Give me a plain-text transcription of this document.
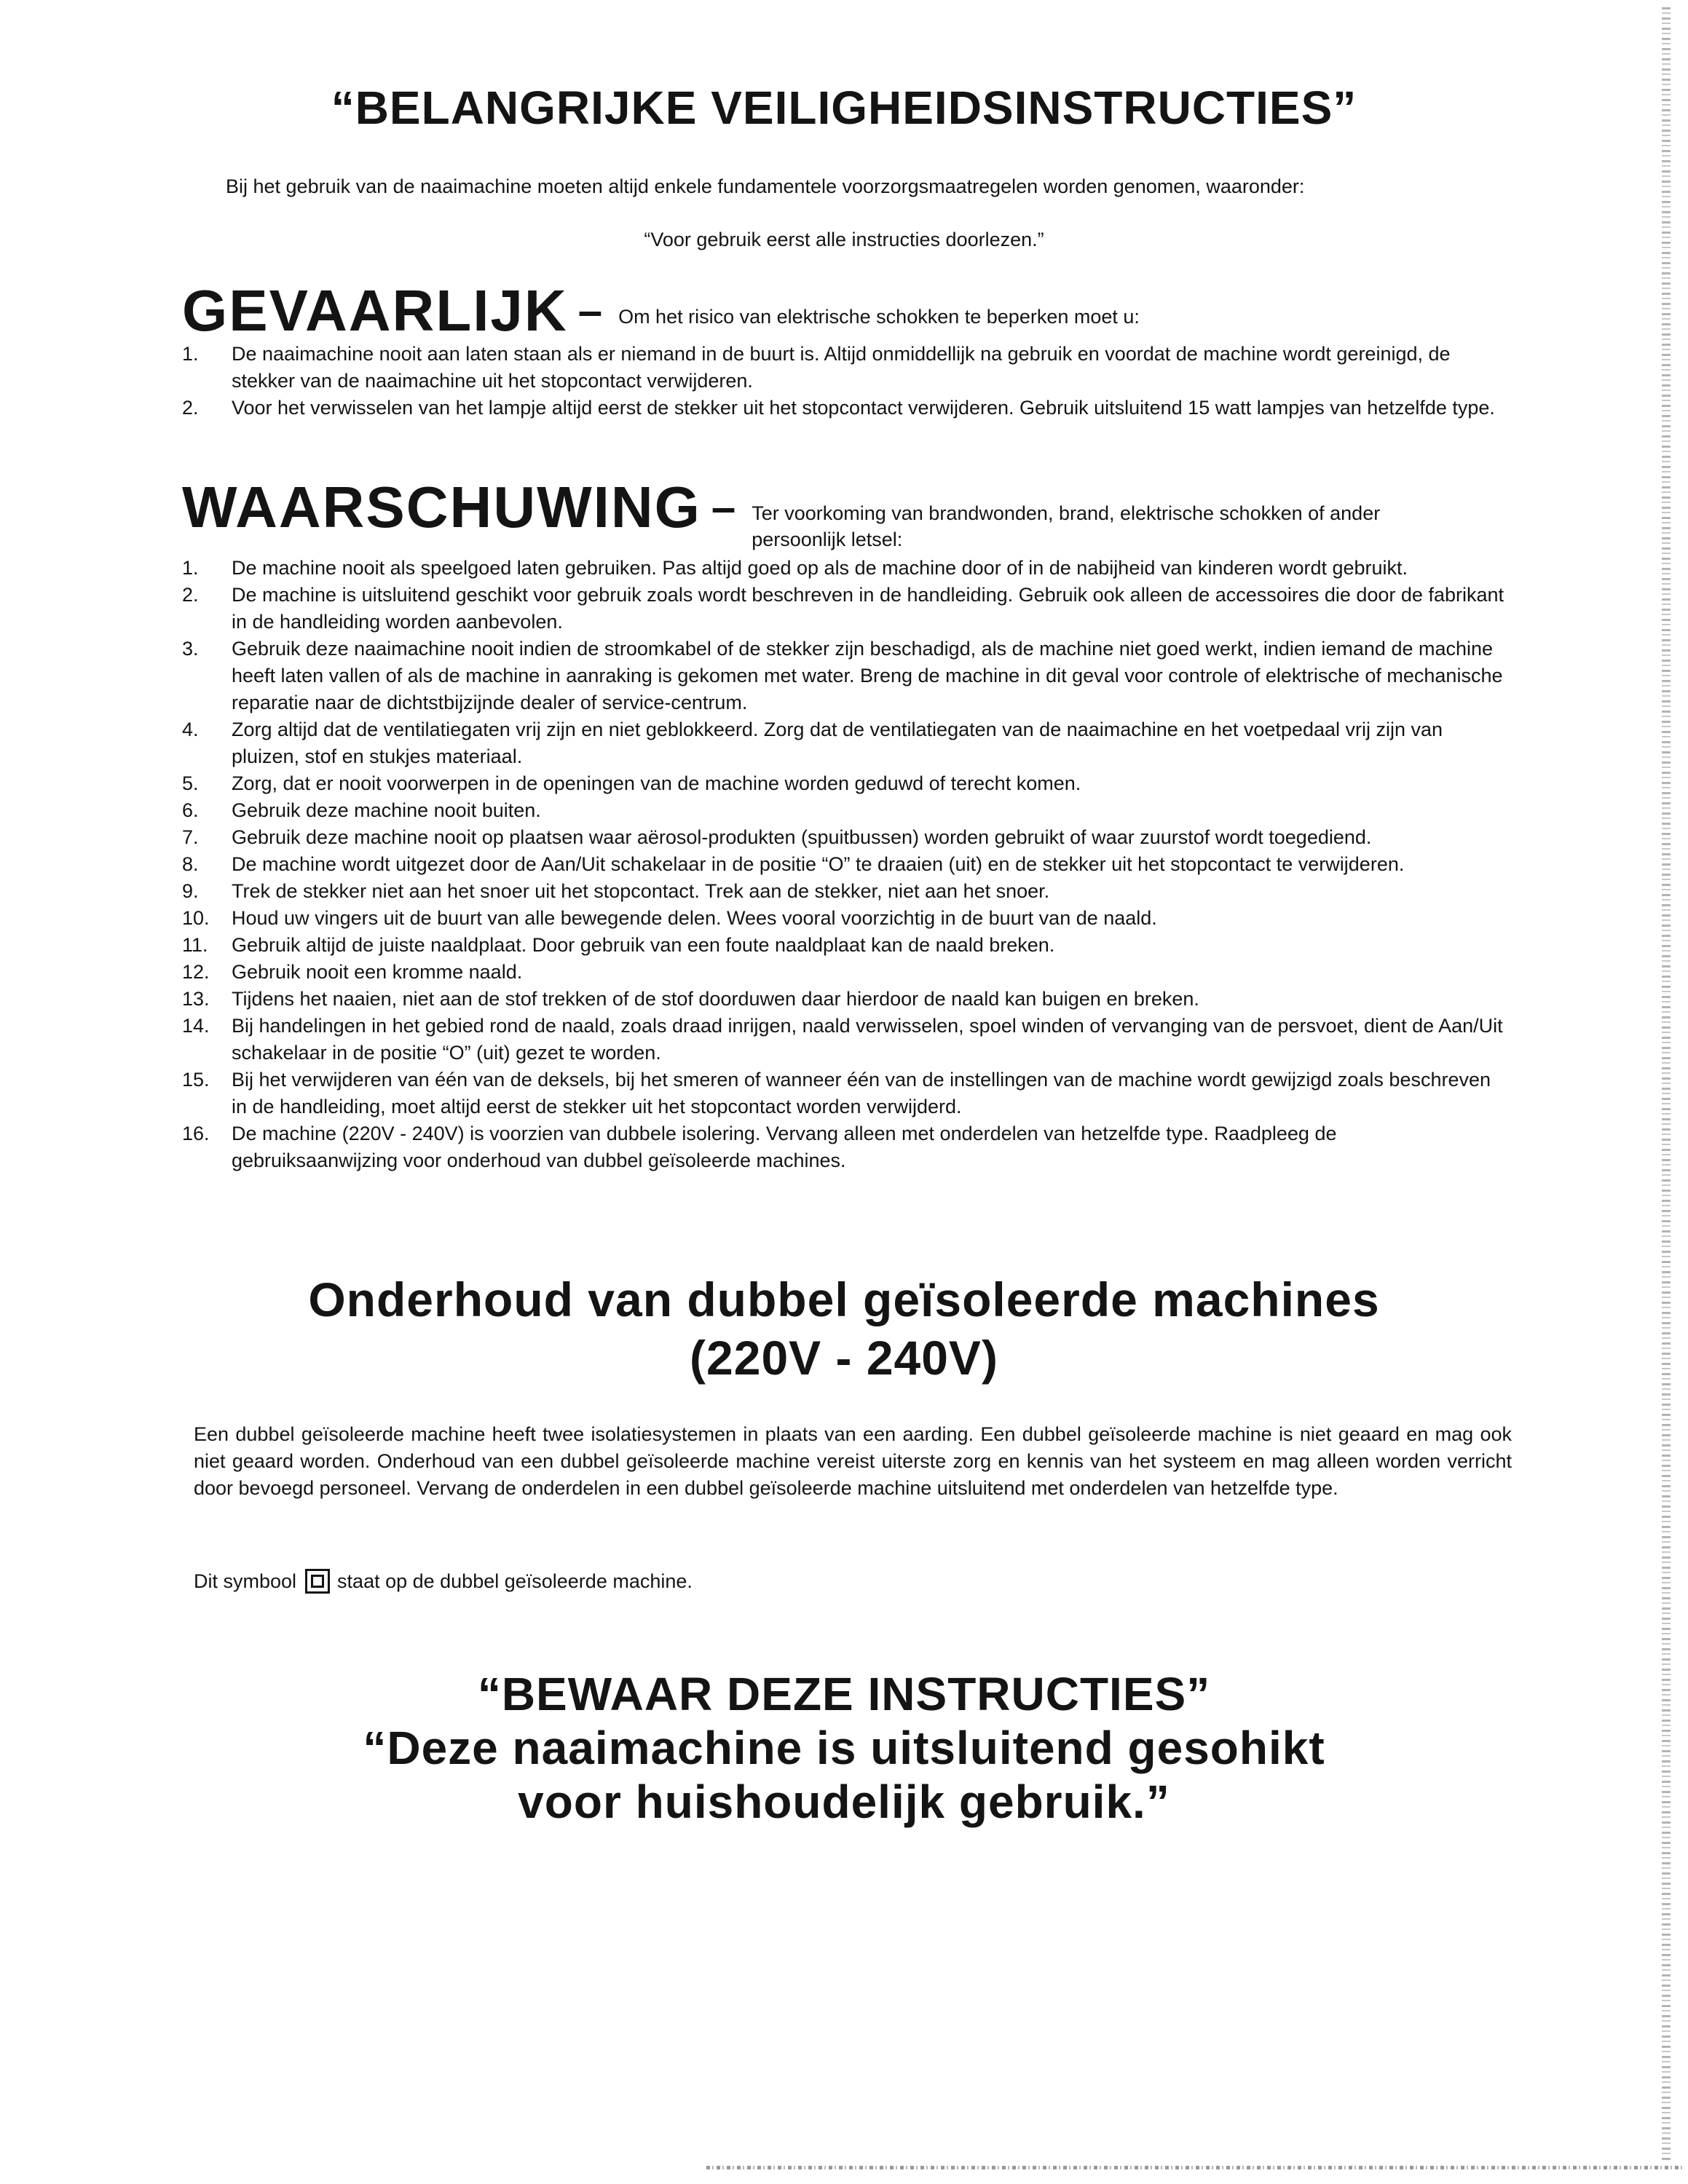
“BELANGRIJKE VEILIGHEIDSINSTRUCTIES”
Bij het gebruik van de naaimachine moeten altijd enkele fundamentele voorzorgsmaatregelen worden genomen, waaronder:
“Voor gebruik eerst alle instructies doorlezen.”
GEVAARLIJK – Om het risico van elektrische schokken te beperken moet u:
1.	De naaimachine nooit aan laten staan als er niemand in de buurt is. Altijd onmiddellijk na gebruik en voordat de machine wordt gereinigd, de stekker van de naaimachine uit het stopcontact verwijderen.
2.	Voor het verwisselen van het lampje altijd eerst de stekker uit het stopcontact verwijderen. Gebruik uitsluitend 15 watt lampjes van hetzelfde type.
WAARSCHUWING – Ter voorkoming van brandwonden, brand, elektrische schokken of ander persoonlijk letsel:
1.	De machine nooit als speelgoed laten gebruiken. Pas altijd goed op als de machine door of in de nabijheid van kinderen wordt gebruikt.
2.	De machine is uitsluitend geschikt voor gebruik zoals wordt beschreven in de handleiding. Gebruik ook alleen de accessoires die door de fabrikant in de handleiding worden aanbevolen.
3.	Gebruik deze naaimachine nooit indien de stroomkabel of de stekker zijn beschadigd, als de machine niet goed werkt, indien iemand de machine heeft laten vallen of als de machine in aanraking is gekomen met water. Breng de machine in dit geval voor controle of elektrische of mechanische reparatie naar de dichtstbijzijnde dealer of service-centrum.
4.	Zorg altijd dat de ventilatiegaten vrij zijn en niet geblokkeerd. Zorg dat de ventilatiegaten van de naaimachine en het voetpedaal vrij zijn van pluizen, stof en stukjes materiaal.
5.	Zorg, dat er nooit voorwerpen in de openingen van de machine worden geduwd of terecht komen.
6.	Gebruik deze machine nooit buiten.
7.	Gebruik deze machine nooit op plaatsen waar aërosol-produkten (spuitbussen) worden gebruikt of waar zuurstof wordt toegediend.
8.	De machine wordt uitgezet door de Aan/Uit schakelaar in de positie “O” te draaien (uit) en de stekker uit het stopcontact te verwijderen.
9.	Trek de stekker niet aan het snoer uit het stopcontact. Trek aan de stekker, niet aan het snoer.
10.	Houd uw vingers uit de buurt van alle bewegende delen. Wees vooral voorzichtig in de buurt van de naald.
11.	Gebruik altijd de juiste naaldplaat. Door gebruik van een foute naaldplaat kan de naald breken.
12.	Gebruik nooit een kromme naald.
13.	Tijdens het naaien, niet aan de stof trekken of de stof doorduwen daar hierdoor de naald kan buigen en breken.
14.	Bij handelingen in het gebied rond de naald, zoals draad inrijgen, naald verwisselen, spoel winden of vervanging van de persvoet, dient de Aan/Uit schakelaar in de positie “O” (uit) gezet te worden.
15.	Bij het verwijderen van één van de deksels, bij het smeren of wanneer één van de instellingen van de machine wordt gewijzigd zoals beschreven in de handleiding, moet altijd eerst de stekker uit het stopcontact worden verwijderd.
16.	De machine (220V - 240V) is voorzien van dubbele isolering. Vervang alleen met onderdelen van hetzelfde type. Raadpleeg de gebruiksaanwijzing voor onderhoud van dubbel geïsoleerde machines.
Onderhoud van dubbel geïsoleerde machines
(220V - 240V)
Een dubbel geïsoleerde machine heeft twee isolatiesystemen in plaats van een aarding. Een dubbel geïsoleerde machine is niet geaard en mag ook niet geaard worden. Onderhoud van een dubbel geïsoleerde machine vereist uiterste zorg en kennis van het systeem en mag alleen worden verricht door bevoegd personeel. Vervang de onderdelen in een dubbel geïsoleerde machine uitsluitend met onderdelen van hetzelfde type.
Dit symbool staat op de dubbel geïsoleerde machine.
“BEWAAR DEZE INSTRUCTIES”
“Deze naaimachine is uitsluitend gesohikt
voor huishoudelijk gebruik.”
